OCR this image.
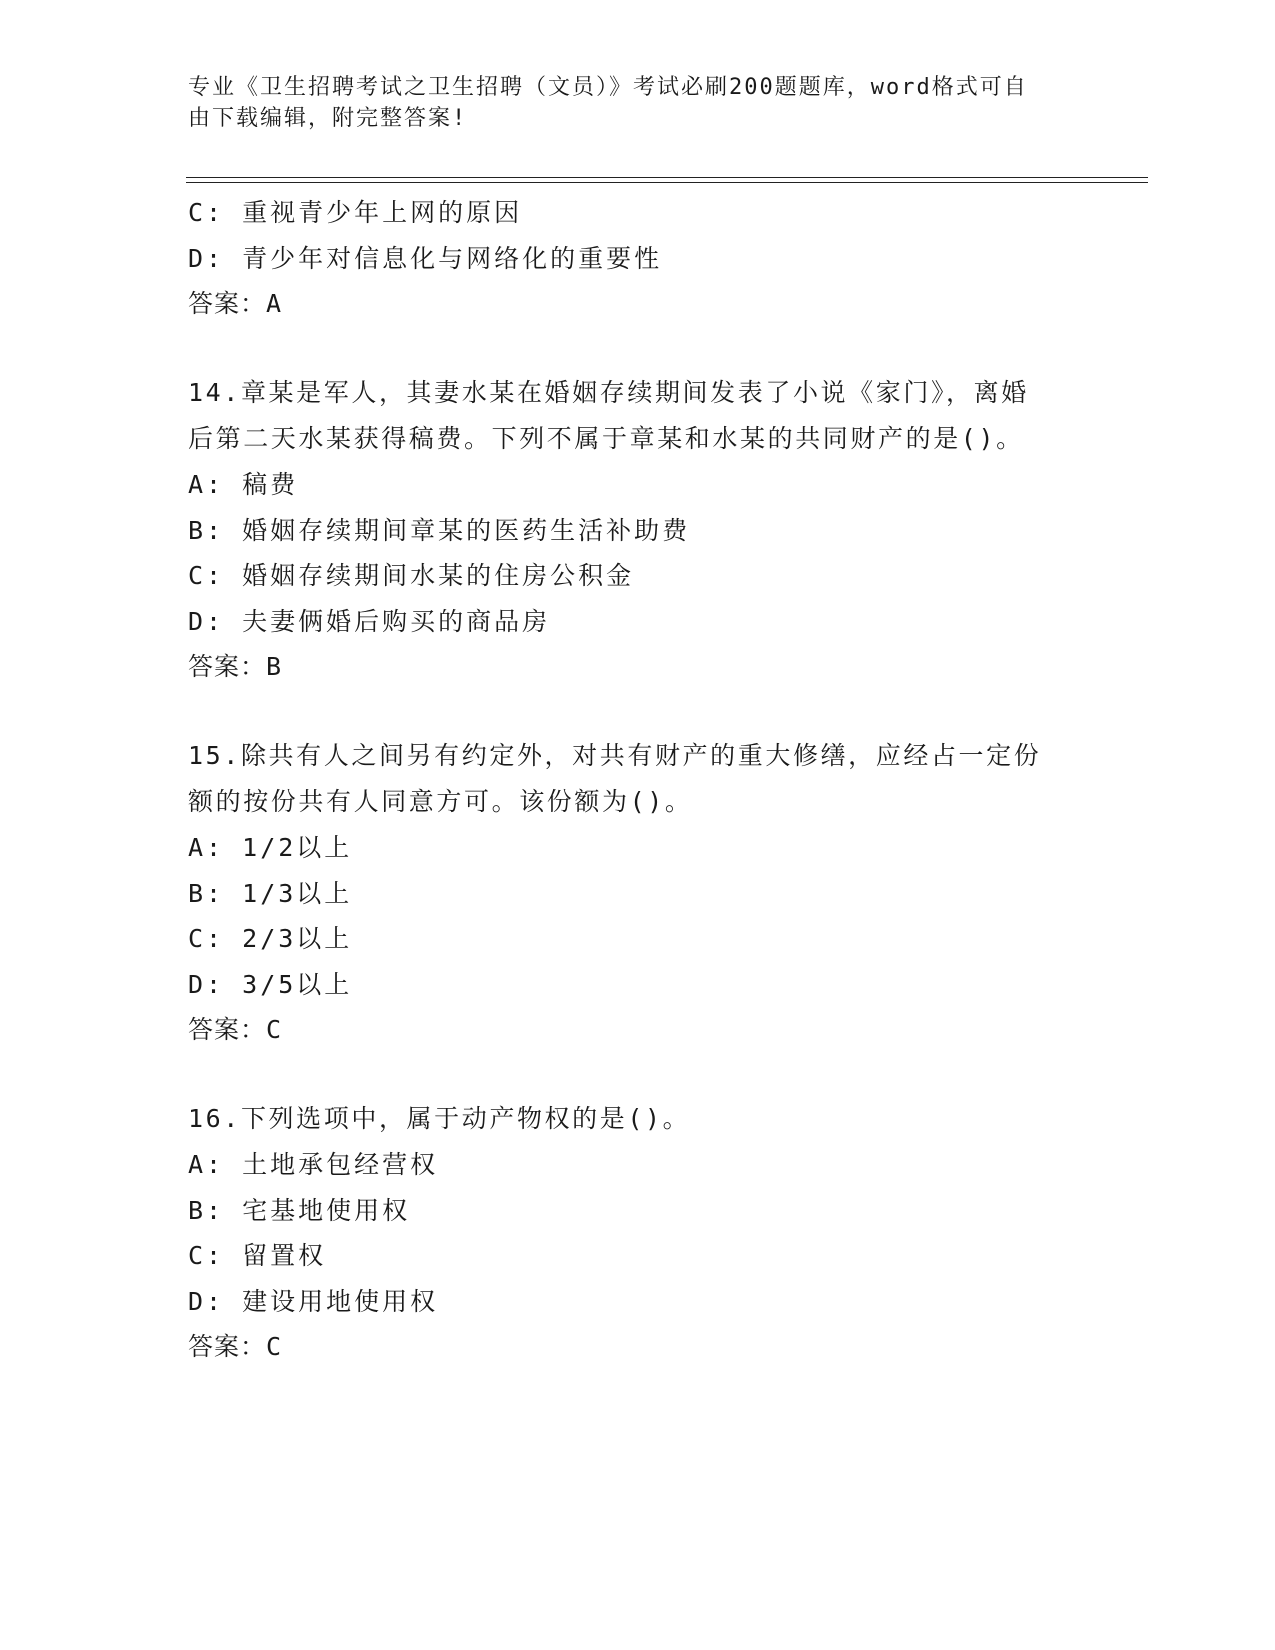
专业《卫生招聘考试之卫生招聘（文员）》考试必刷200题题库，word格式可自
由下载编辑，附完整答案!
C: 重视青少年上网的原因
D: 青少年对信息化与网络化的重要性
答案：A
14.章某是军人，其妻水某在婚姻存续期间发表了小说《家门》，离婚
后第二天水某获得稿费。下列不属于章某和水某的共同财产的是()。
A: 稿费
B: 婚姻存续期间章某的医药生活补助费
C: 婚姻存续期间水某的住房公积金
D: 夫妻俩婚后购买的商品房
答案：B
15.除共有人之间另有约定外，对共有财产的重大修缮，应经占一定份
额的按份共有人同意方可。该份额为()。
A: 1/2以上
B: 1/3以上
C: 2/3以上
D: 3/5以上
答案：C
16.下列选项中，属于动产物权的是()。
A: 土地承包经营权
B: 宅基地使用权
C: 留置权
D: 建设用地使用权
答案：C
